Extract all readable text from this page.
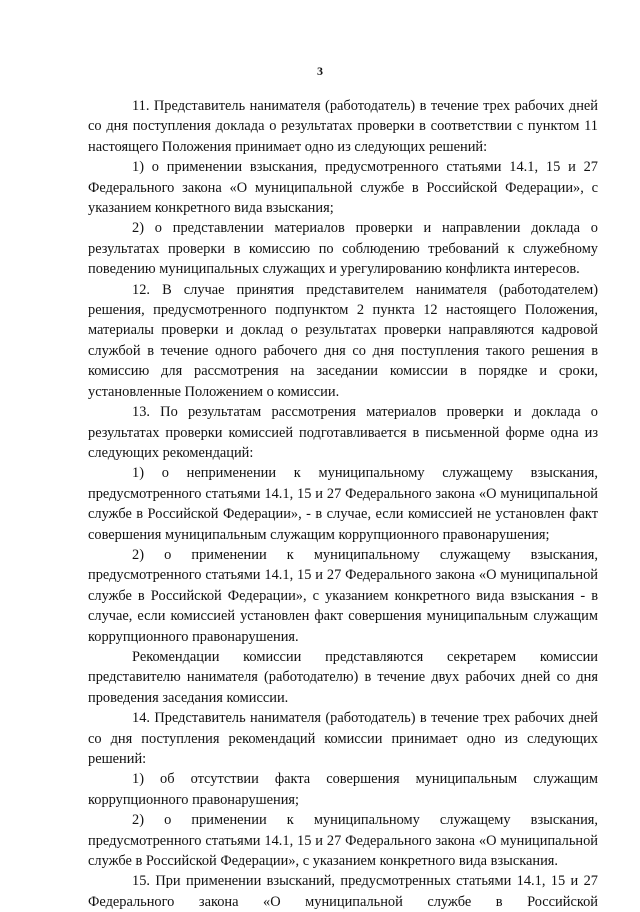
3

11. Представитель нанимателя (работодатель) в течение трех рабочих дней со дня поступления доклада о результатах проверки в соответствии с пунктом 11 настоящего Положения принимает одно из следующих решений:

1) о применении взыскания, предусмотренного статьями 14.1, 15 и 27 Федерального закона «О муниципальной службе в Российской Федерации», с указанием конкретного вида взыскания;

2) о представлении материалов проверки и направлении доклада о результатах проверки в комиссию по соблюдению требований к служебному поведению муниципальных служащих и урегулированию конфликта интересов.

12. В случае принятия представителем нанимателя (работодателем) решения, предусмотренного подпунктом 2 пункта 12 настоящего Положения, материалы проверки и доклад о результатах проверки направляются кадровой службой в течение одного рабочего дня со дня поступления такого решения в комиссию для рассмотрения на заседании комиссии в порядке и сроки, установленные Положением о комиссии.

13. По результатам рассмотрения материалов проверки и доклада о результатах проверки комиссией подготавливается в письменной форме одна из следующих рекомендаций:

1) о неприменении к муниципальному служащему взыскания, предусмотренного статьями 14.1, 15 и 27 Федерального закона «О муниципальной службе в Российской Федерации», - в случае, если комиссией не установлен факт совершения муниципальным служащим коррупционного правонарушения;

2) о применении к муниципальному служащему взыскания, предусмотренного статьями 14.1, 15 и 27 Федерального закона «О муниципальной службе в Российской Федерации», с указанием конкретного вида взыскания - в случае, если комиссией установлен факт совершения муниципальным служащим коррупционного правонарушения.

Рекомендации комиссии представляются секретарем комиссии представителю нанимателя (работодателю) в течение двух рабочих дней со дня проведения заседания комиссии.

14. Представитель нанимателя (работодатель) в течение трех рабочих дней со дня поступления рекомендаций комиссии принимает одно из следующих решений:

1) об отсутствии факта совершения муниципальным служащим коррупционного правонарушения;

2) о применении к муниципальному служащему взыскания, предусмотренного статьями 14.1, 15 и 27 Федерального закона «О муниципальной службе в Российской Федерации», с указанием конкретного вида взыскания.

15. При применении взысканий, предусмотренных статьями 14.1, 15 и 27 Федерального закона «О муниципальной службе в Российской
